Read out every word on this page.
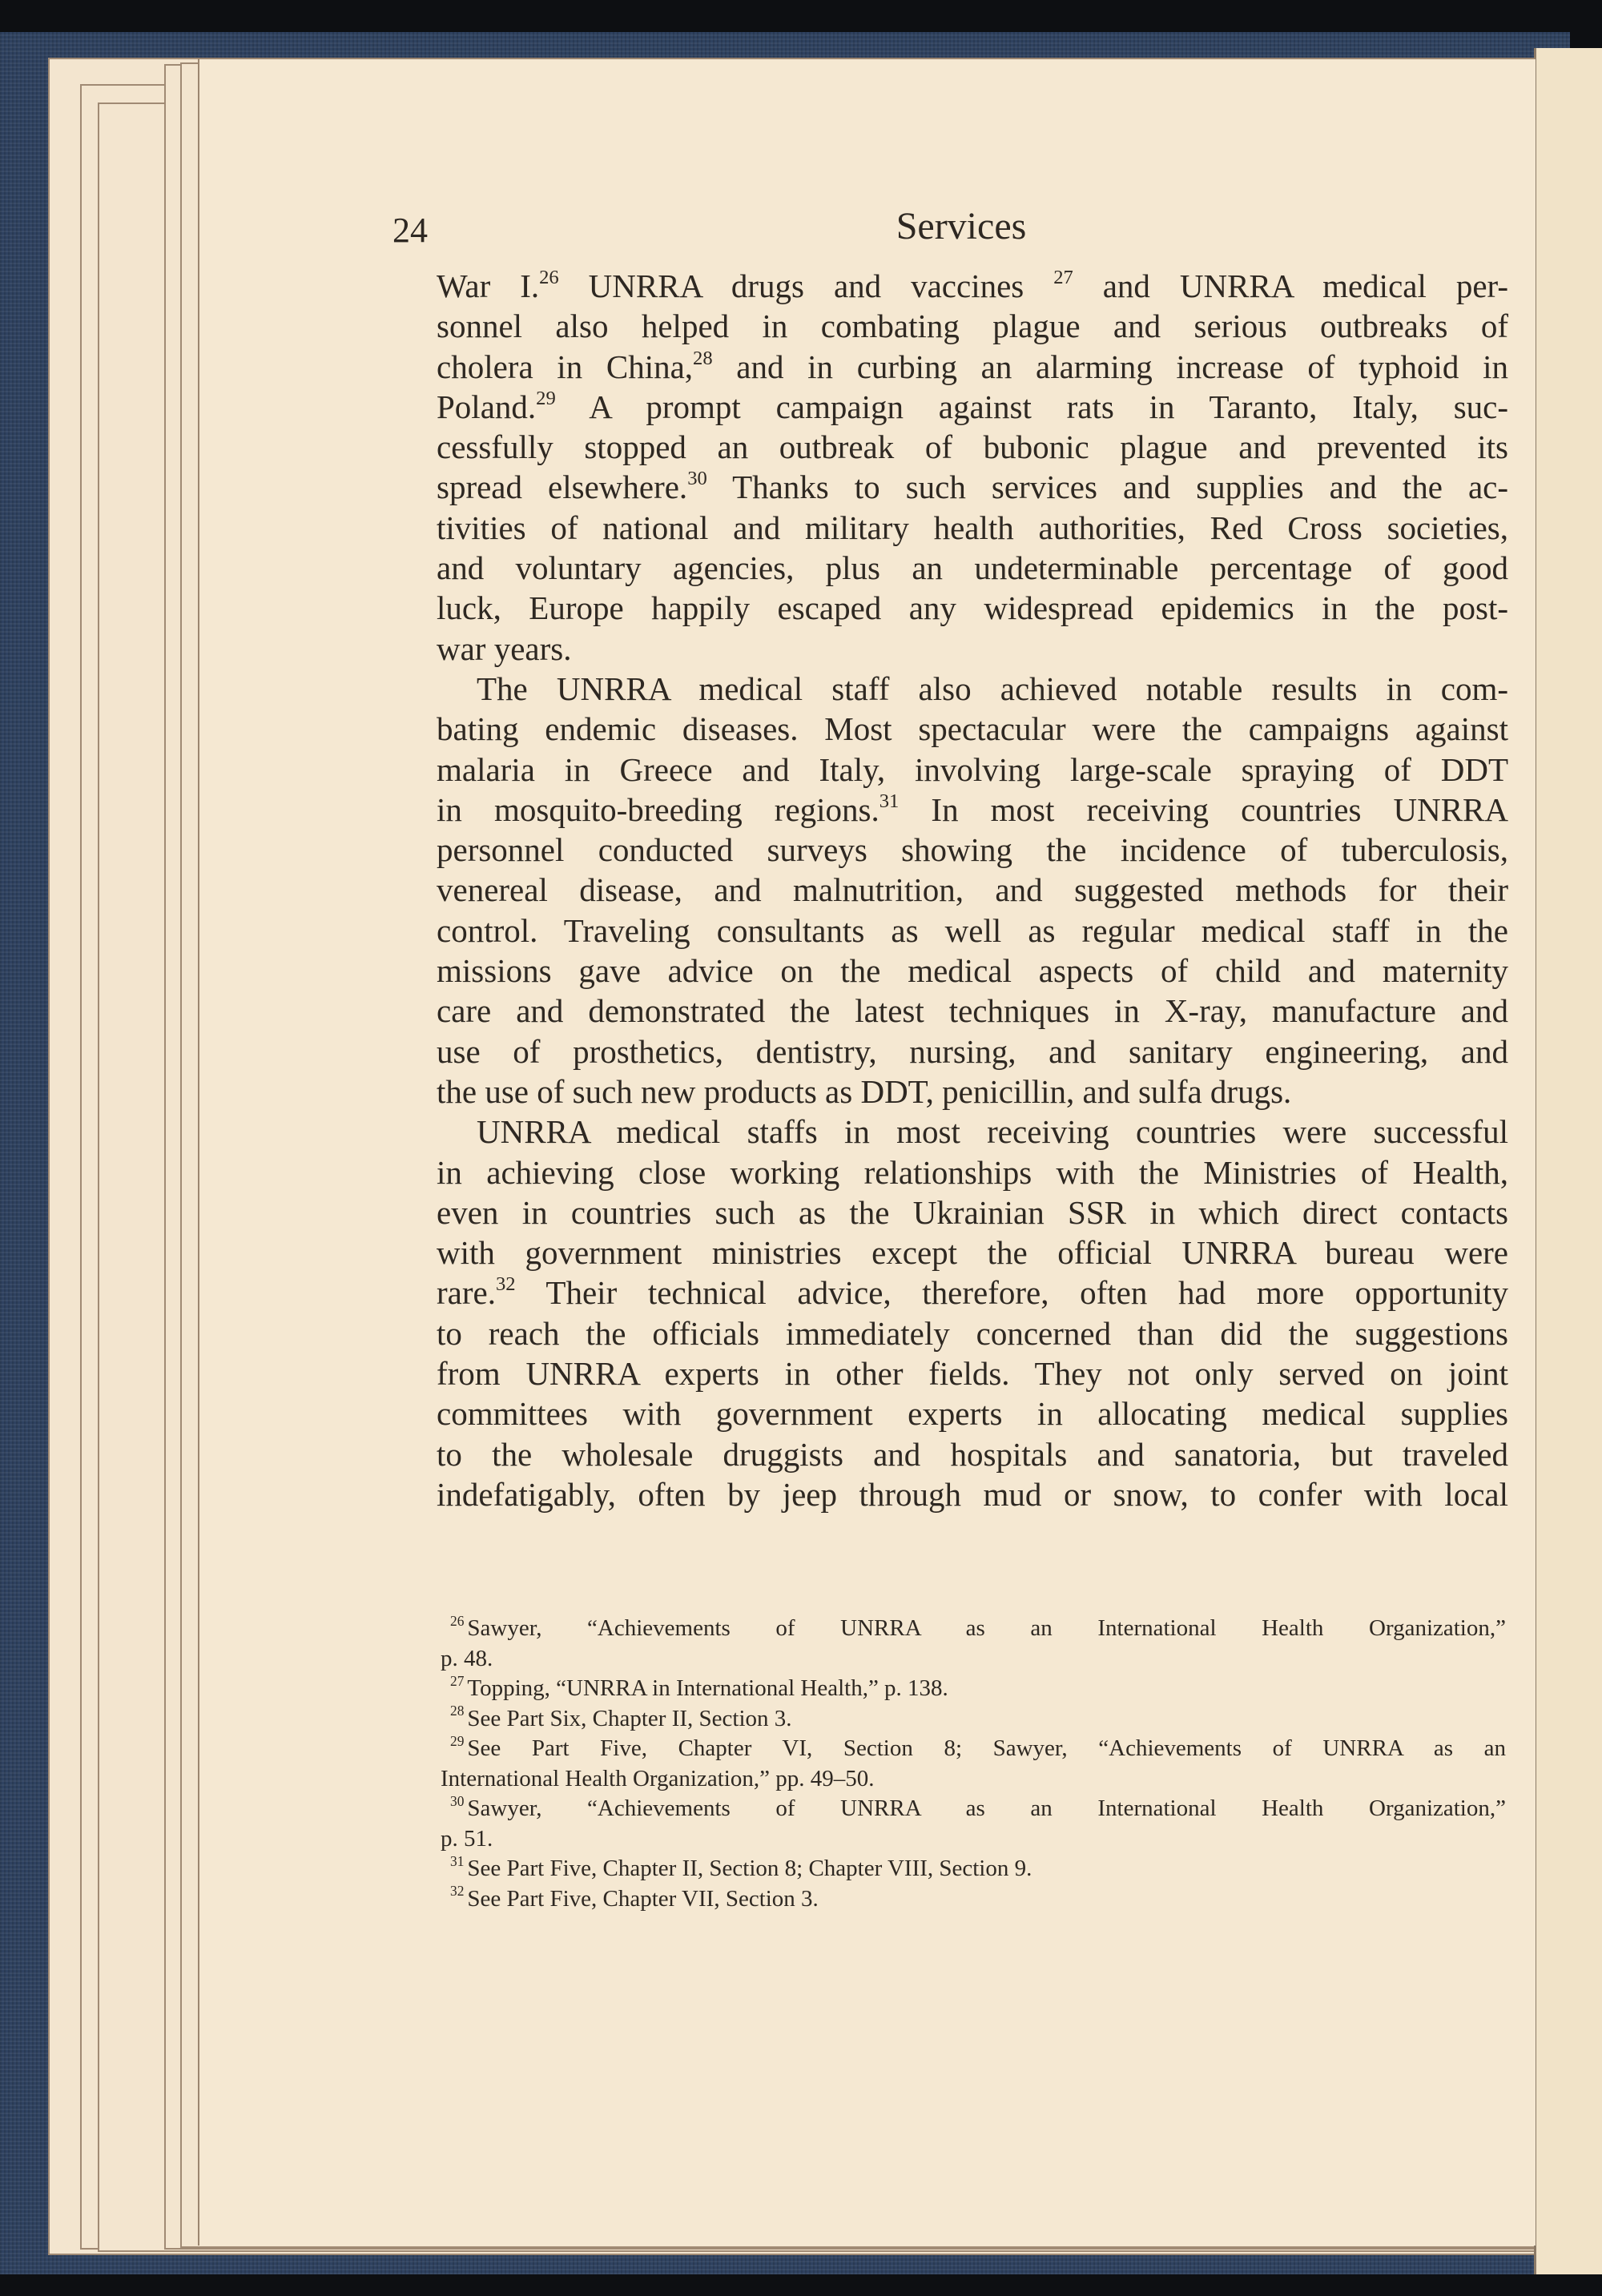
24	Services
War I.$^{26}$ UNRRA drugs and vaccines $^{27}$ and UNRRA medical per-
sonnel also helped in combating plague and serious outbreaks of
cholera in China,$^{28}$ and in curbing an alarming increase of typhoid in
Poland.$^{29}$ A prompt campaign against rats in Taranto, Italy, suc-
cessfully stopped an outbreak of bubonic plague and prevented its
spread elsewhere.$^{30}$ Thanks to such services and supplies and the ac-
tivities of national and military health authorities, Red Cross societies,
and voluntary agencies, plus an undeterminable percentage of good
luck, Europe happily escaped any widespread epidemics in the post-
war years.
The UNRRA medical staff also achieved notable results in com-
bating endemic diseases. Most spectacular were the campaigns against
malaria in Greece and Italy, involving large-scale spraying of DDT
in mosquito-breeding regions.$^{31}$ In most receiving countries UNRRA
personnel conducted surveys showing the incidence of tuberculosis,
venereal disease, and malnutrition, and suggested methods for their
control. Traveling consultants as well as regular medical staff in the
missions gave advice on the medical aspects of child and maternity
care and demonstrated the latest techniques in X-ray, manufacture and
use of prosthetics, dentistry, nursing, and sanitary engineering, and
the use of such new products as DDT, penicillin, and sulfa drugs.
UNRRA medical staffs in most receiving countries were successful
in achieving close working relationships with the Ministries of Health,
even in countries such as the Ukrainian SSR in which direct contacts
with government ministries except the official UNRRA bureau were
rare.$^{32}$ Their technical advice, therefore, often had more opportunity
to reach the officials immediately concerned than did the suggestions
from UNRRA experts in other fields. They not only served on joint
committees with government experts in allocating medical supplies
to the wholesale druggists and hospitals and sanatoria, but traveled
indefatigably, often by jeep through mud or snow, to confer with local
$^{26}$ Sawyer, “Achievements of UNRRA as an International Health Organization,”
p. 48.
$^{27}$ Topping, “UNRRA in International Health,” p. 138.
$^{28}$ See Part Six, Chapter II, Section 3.
$^{29}$ See Part Five, Chapter VI, Section 8; Sawyer, “Achievements of UNRRA as an
International Health Organization,” pp. 49–50.
$^{30}$ Sawyer, “Achievements of UNRRA as an International Health Organization,”
p. 51.
$^{31}$ See Part Five, Chapter II, Section 8; Chapter VIII, Section 9.
$^{32}$ See Part Five, Chapter VII, Section 3.
